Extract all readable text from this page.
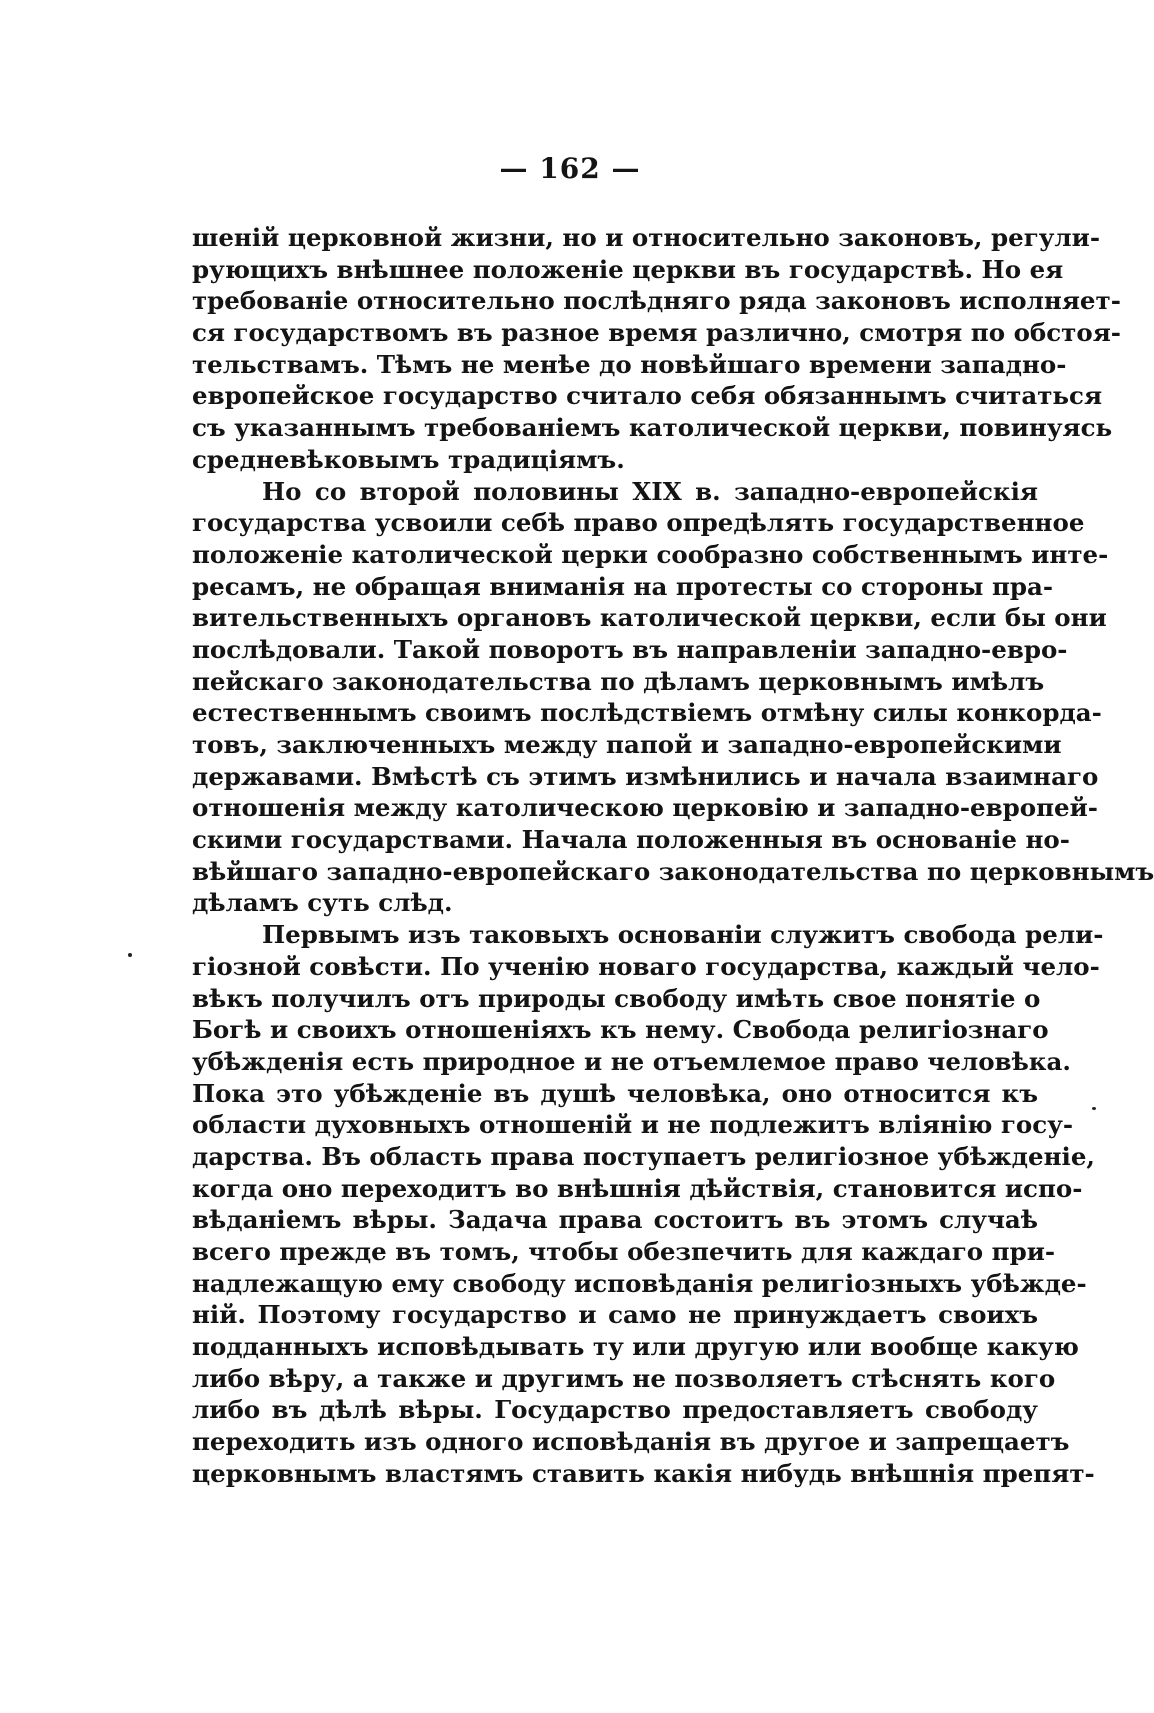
— 162 —
шеній церковной жизни, но и относительно законовъ, регули-
рующихъ внѣшнее положеніе церкви въ государствѣ. Но ея
требованіе относительно послѣдняго ряда законовъ исполняет-
ся государствомъ въ разное время различно, смотря по обстоя-
тельствамъ. Тѣмъ не менѣе до новѣйшаго времени западно-
европейское государство считало себя обязаннымъ считаться
съ указаннымъ требованіемъ католической церкви, повинуясь
средневѣковымъ традиціямъ.
Но со второй половины XIX в. западно-европейскія
государства усвоили себѣ право опредѣлять государственное
положеніе католической церки сообразно собственнымъ инте-
ресамъ, не обращая вниманія на протесты со стороны пра-
вительственныхъ органовъ католической церкви, если бы они
послѣдовали. Такой поворотъ въ направленіи западно-евро-
пейскаго законодательства по дѣламъ церковнымъ имѣлъ
естественнымъ своимъ послѣдствіемъ отмѣну силы конкорда-
товъ, заключенныхъ между папой и западно-европейскими
державами. Вмѣстѣ съ этимъ измѣнились и начала взаимнаго
отношенія между католическою церковію и западно-европей-
скими государствами. Начала положенныя въ основаніе но-
вѣйшаго западно-европейскаго законодательства по церковнымъ
дѣламъ суть слѣд.
Первымъ изъ таковыхъ основаніи служитъ свобода рели-
гіозной совѣсти. По ученію новаго государства, каждый чело-
вѣкъ получилъ отъ природы свободу имѣть свое понятіе о
Богѣ и своихъ отношеніяхъ къ нему. Свобода религіознаго
убѣжденія есть природное и не отъемлемое право человѣка.
Пока это убѣжденіе въ душѣ человѣка, оно относится къ
области духовныхъ отношеній и не подлежитъ вліянію госу-
дарства. Въ область права поступаетъ религіозное убѣжденіе,
когда оно переходитъ во внѣшнія дѣйствія, становится испо-
вѣданіемъ вѣры. Задача права состоитъ въ этомъ случаѣ
всего прежде въ томъ, чтобы обезпечить для каждаго при-
надлежащую ему свободу исповѣданія религіозныхъ убѣжде-
ній. Поэтому государство и само не принуждаетъ своихъ
подданныхъ исповѣдывать ту или другую или вообще какую
либо вѣру, а также и другимъ не позволяетъ стѣснять кого
либо въ дѣлѣ вѣры. Государство предоставляетъ свободу
переходить изъ одного исповѣданія въ другое и запрещаетъ
церковнымъ властямъ ставить какія нибудь внѣшнія препят-
